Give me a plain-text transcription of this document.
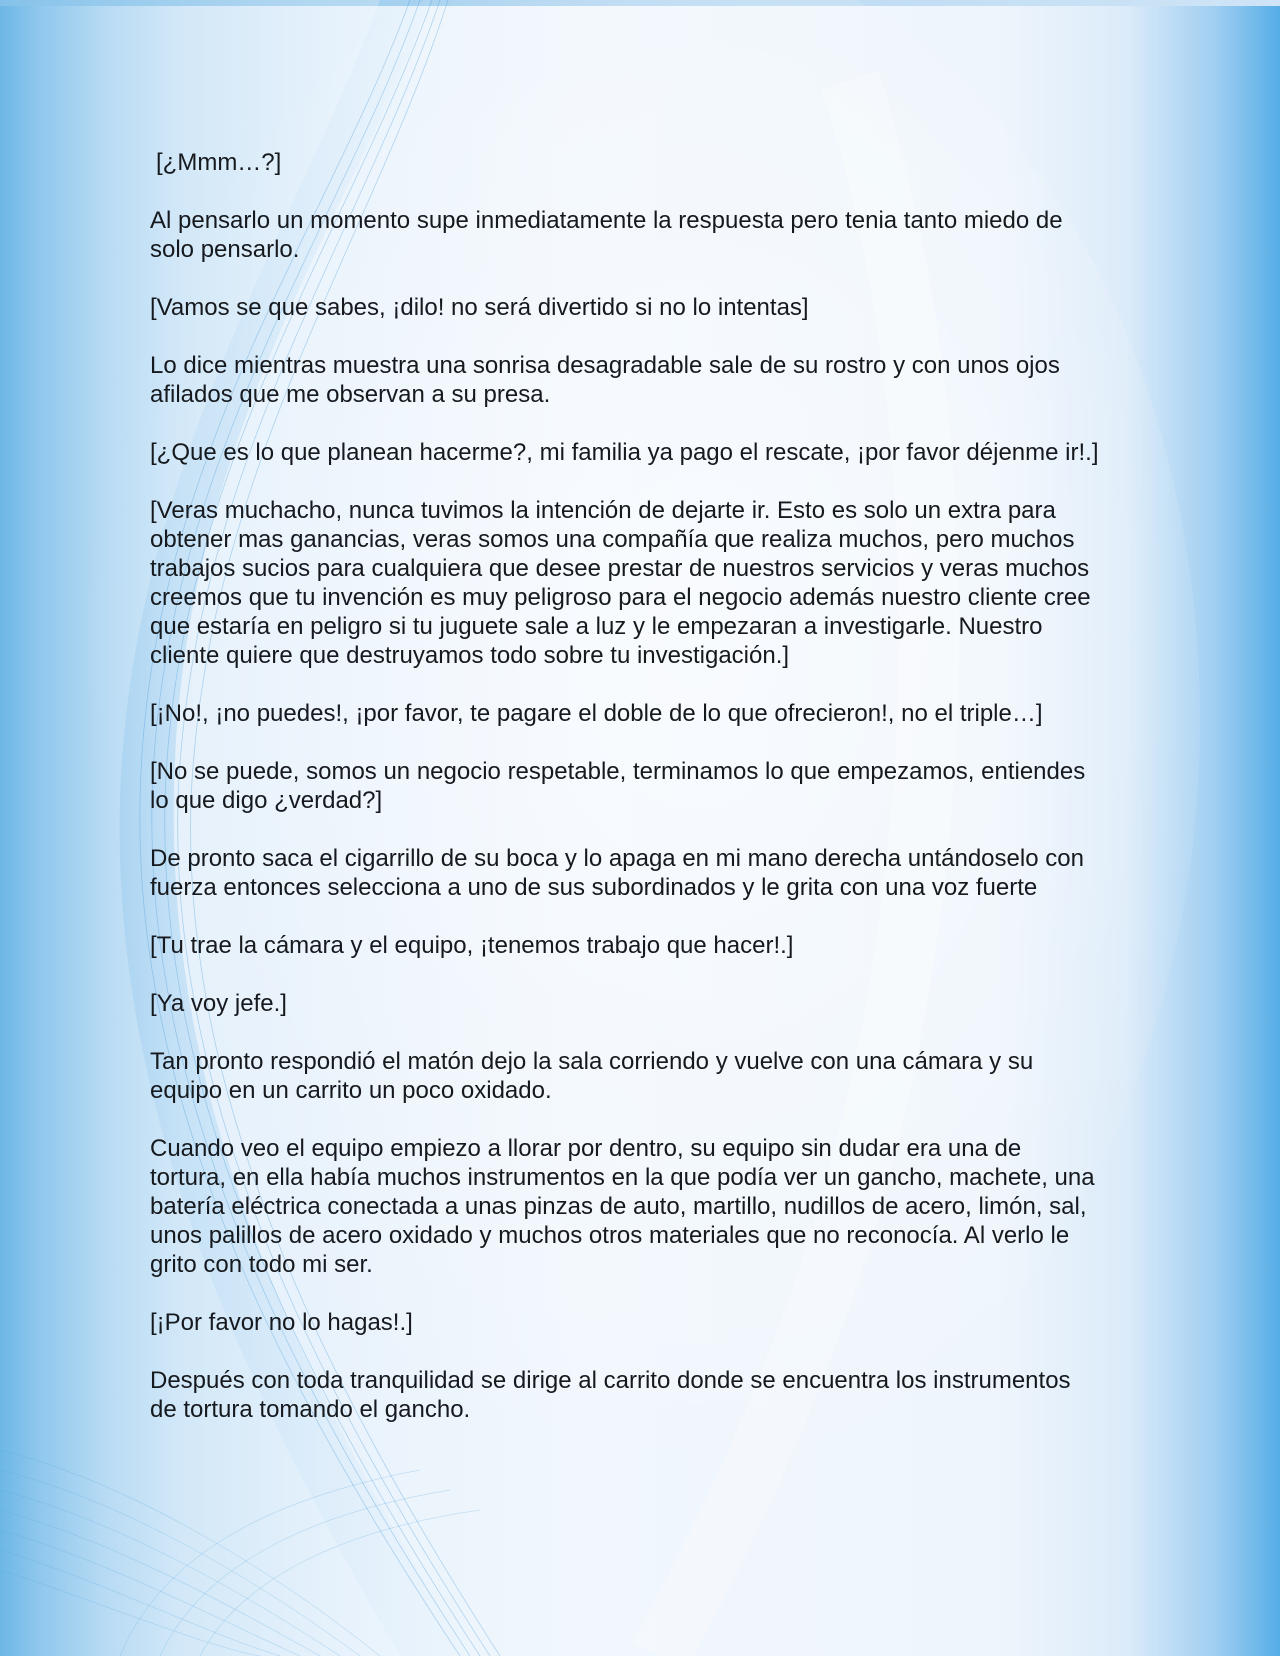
[¿Mmm…?]

Al pensarlo un momento supe inmediatamente la respuesta pero tenia tanto miedo de solo pensarlo.

[Vamos se que sabes, ¡dilo! no será divertido si no lo intentas]

Lo dice mientras muestra una sonrisa desagradable sale de su rostro y con unos ojos afilados que me observan a su presa.

[¿Que es lo que planean hacerme?, mi familia ya pago el rescate, ¡por favor déjenme ir!.]

[Veras muchacho, nunca tuvimos la intención de dejarte ir. Esto es solo un extra para obtener mas ganancias, veras somos una compañía que realiza muchos, pero muchos trabajos sucios para cualquiera que desee prestar de nuestros servicios y veras muchos creemos que tu invención es muy peligroso para el negocio además nuestro cliente cree que estaría en peligro si tu juguete sale a luz y le empezaran a investigarle. Nuestro cliente quiere que destruyamos todo sobre tu investigación.]

[¡No!, ¡no puedes!, ¡por favor, te pagare el doble de lo que ofrecieron!, no el triple…]

[No se puede, somos un negocio respetable, terminamos lo que empezamos, entiendes lo que digo ¿verdad?]

De pronto saca el cigarrillo de su boca y lo apaga en mi mano derecha untándoselo con fuerza entonces selecciona a uno de sus subordinados y le grita con una voz fuerte

[Tu trae la cámara y el equipo, ¡tenemos trabajo que hacer!.]

[Ya voy jefe.]

Tan pronto respondió el matón dejo la sala corriendo y vuelve con una cámara y su equipo en un carrito un poco oxidado.

Cuando veo el equipo empiezo a llorar por dentro, su equipo sin dudar era una de tortura, en ella había muchos instrumentos en la que podía ver un gancho, machete, una batería eléctrica conectada a unas pinzas de auto, martillo, nudillos de acero, limón, sal, unos palillos de acero oxidado y muchos otros materiales que no reconocía. Al verlo le grito con todo mi ser.

[¡Por favor no lo hagas!.]

Después con toda tranquilidad se dirige al carrito donde se encuentra los instrumentos de tortura tomando el gancho.
